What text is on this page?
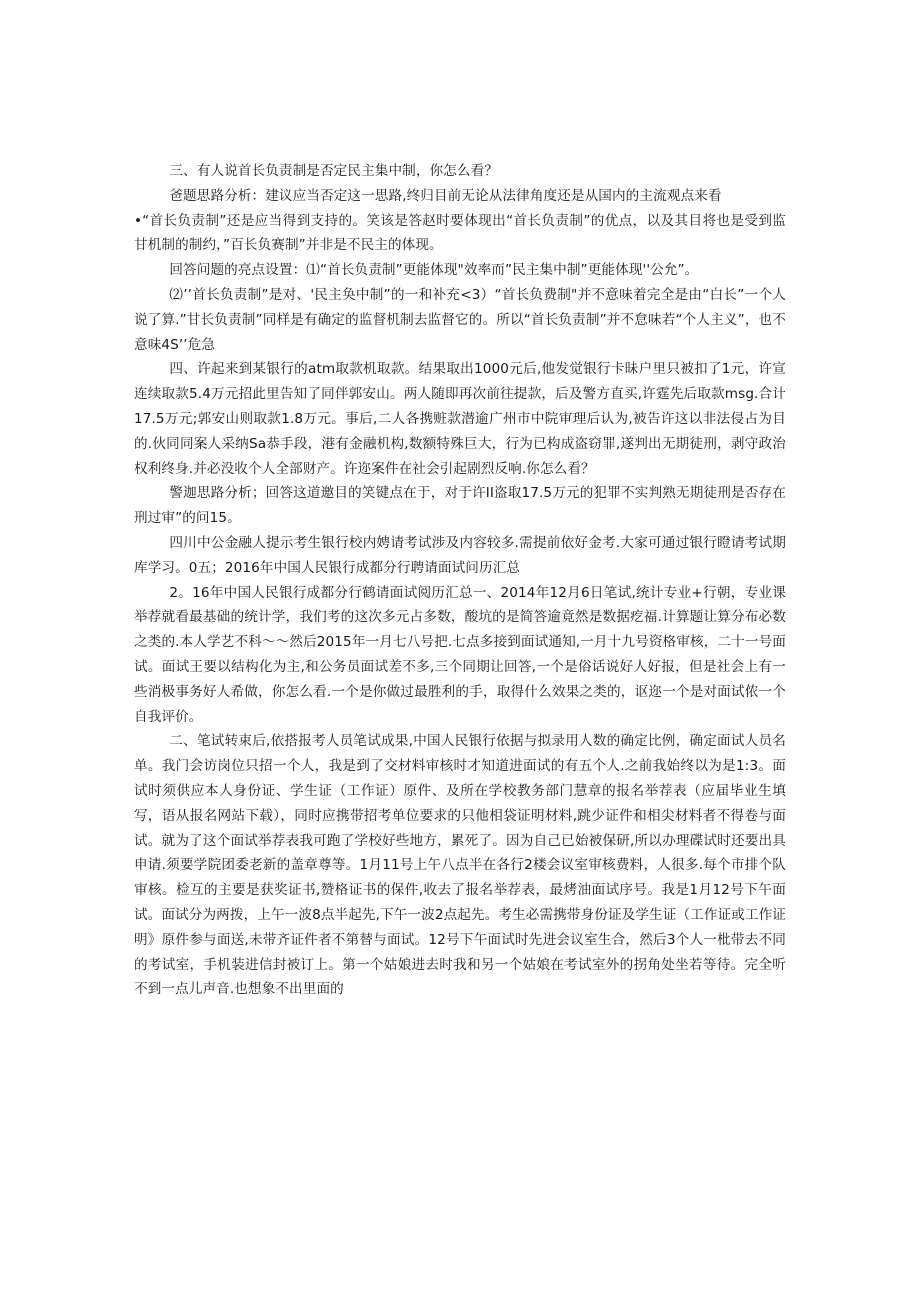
三、有人说首长负责制是否定民主集中制，你怎么看？

爸题思路分析：建议应当否定这一思路,终归目前无论从法律角度还是从国内的主流观点来看

•“首长负责制”还是应当得到支持的。笑该是答赵时要体现出“首长负责制”的优点，以及其目将也是受到监甘机制的制约，”百长负赛制”并非是不民主的体现。

回答问题的亮点设置：⑴“首长负责制”更能体现"效率而”民主集中制”更能体现''公允”。

⑵’’首长负责制”是对、'民主奂中制”的一和补充<3）“首长负费制"并不意味着完全是由“白长”一个人说了算.”甘长负责制”同样是有确定的监督机制去监督它的。所以“首长负责制”并不怠味若“个人主义”，也不意味4S’’危急

四、许起来到某银行的atm取款机取款。结果取出1000元后,他发觉银行卡昧户里只被扣了1元，许宣连续取款5.4万元招此里告知了同伴郭安山。两人随即再次前往提款，后及警方直买,许霆先后取款msg.合计17.5万元;郭安山则取款1.8万元。事后,二人各携赃款潜逾广州市中院审理后认为,被告许这以非法侵占为目的.伙同同案人采纳Sa恭手段，港有金融机构,数额特殊巨大，行为已构成盗窃罪,遂判出无期徒刑，剥守政治权利终身.并必没收个人全部财产。许迩案件在社会引起剧烈反响.你怎么看？

警迦思路分析；回答这道邀目的笑键点在于，对于许II盗取17.5万元的犯罪不实判熟无期徒刑是否存在刑过审”的问15。

四川中公金融人提示考生银行校内娉请考试涉及内容较多.需提前依好金考.大家可通过银行瞪请考试期库学习。0五；2016年中国人民银行成都分行聘请面试问历汇总

2。16年中国人民银行成都分行鹤请面试阅历汇总一、2014年12月6日笔试,统计专业+行朝，专业课举荐就看最基础的统计学，我们考的这次多元占多数，酸坑的是简答逾竟然是数据疙福.计算题让算分布必数之类的.本人学艺不科～～然后2015年一月七八号把.七点多接到面试通知,一月十九号资格审核，二十一号面试。面试王要以结构化为主,和公务员面试差不多,三个同期让回答,一个是俗话说好人好报，但是社会上有一些消极事务好人希做，你怎么看.一个是你做过最胜利的手，取得什么效果之类的，讴迩一个是对面试侬一个自我评价。

二、笔试转束后,依搭报考人员笔试成果,中国人民银行依据与拟录用人数的确定比例，确定面试人员名单。我门会访岗位只招一个人，我是到了交材料审核时才知道进面试的有五个人.之前我始终以为是1:3。面试时须供应本人身份证、学生证（工作证）原件、及所在学校教务部门慧章的报名举荐表（应届毕业生填写，语从报名网站下载），同时应携带招考单位要求的只他相袋证明材料,跳少证件和相尖材料者不得卷与面试。就为了这个面试举荐表我可跑了学校好些地方，累死了。因为自己已始被保研,所以办理碟试时还要出具申请.须要学院团委老新的盖章尊等。1月11号上午八点半在各行2楼会议室审核费料，人很多.每个市排个队审核。检互的主要是获奖证书,赞格证书的保件,收去了报名举荐表，最烤油面试序号。我是1月12号下午面试。面试分为两拨，上午一波8点半起先,下午一波2点起先。考生必需携带身份证及学生证（工作证或工作证明》原件参与面送,未带齐证件者不第替与面试。12号下午面试时先进会议室生合，然后3个人一枇带去不同的考试室，手机装进信封被订上。第一个姑娘进去时我和另一个姑娘在考试室外的拐角处坐若等待。完全听不到一点儿声音.也想象不出里面的
